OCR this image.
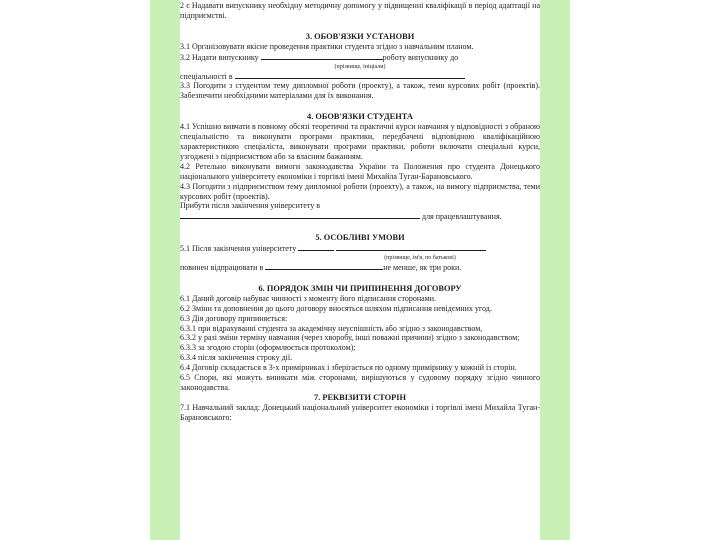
2 є Надавати випускнику необхідну методичну допомогу у підвищенні кваліфікації в період адаптації на підприємстві.

3. ОБОВ'ЯЗКИ УСТАНОВИ

3.1 Організовувати якісне проведення практики студента згідно з навчальним планом.

3.2 Надати випускнику	роботу випускнику до

(прізвище, ініціали)

спеціальності в

3.3 Погодити з студентом тему дипломної роботи (проекту), а також, теми курсових робіт (проектів). Забезпечити необхідними матеріалами для їх виконання.

4. ОБОВ'ЯЗКИ СТУДЕНТА

4.1 Успішно вивчати в повному обсязі теоретичні та практичні курси навчання у відповідності з обраною спеціальністю та виконувати програми практики, передбачені відповідною кваліфікаційною характеристикою спеціаліста, виконувати програми практики, роботи включати спеціальні курси, узгоджені з підприємством або за власним бажанням.

4.2 Ретельно виконувати вимоги законодавства України та Положення про студента Донецького національного університету економіки і торгівлі імені Михайла Туган-Барановського.

4.3 Погодити з підприємством тему дипломної роботи (проекту), а також, на вимогу підприємства, теми курсових робіт (проектів).

Прибути після закінчення університету в

для працевлаштування.

5. ОСОБЛИВІ УМОВИ

5.1 Після закінчення університету

(прізвище, ім'я, по батькові)

повинен відпрацювати в	не менше, як три роки.

6. ПОРЯДОК ЗМІН ЧИ ПРИПИНЕННЯ ДОГОВОРУ

6.1 Даний договір набуває чинності з моменту його підписання сторонами.

6.2 Зміни та доповнення до цього договору вносяться шляхом підписання невідємних угод.

6.3 Дія договору припиняється:

6.3.1 при відрахуванні студента за академічну неуспішність або згідно з законодавством,

6.3.2 у разі зміни терміну навчання (через хворобу, інші поважні причини) згідно з законодавством;

6.3.3 за згодою сторін (оформлюється протоколом);

6.3.4 після закінчення строку дії.

6.4 Договір складається в 3-х примірниках і зберігається по одному примірнику у кожній із сторін.

6.5 Спори, які можуть виникати між сторонами, вирішуються у судовому порядку згідно чинного законодавства.

7. РЕКВІЗИТИ СТОРІН

7.1 Навчальний заклад: Донецький національний університет економіки і торгівлі імені Михайла Туган-Барановського:
